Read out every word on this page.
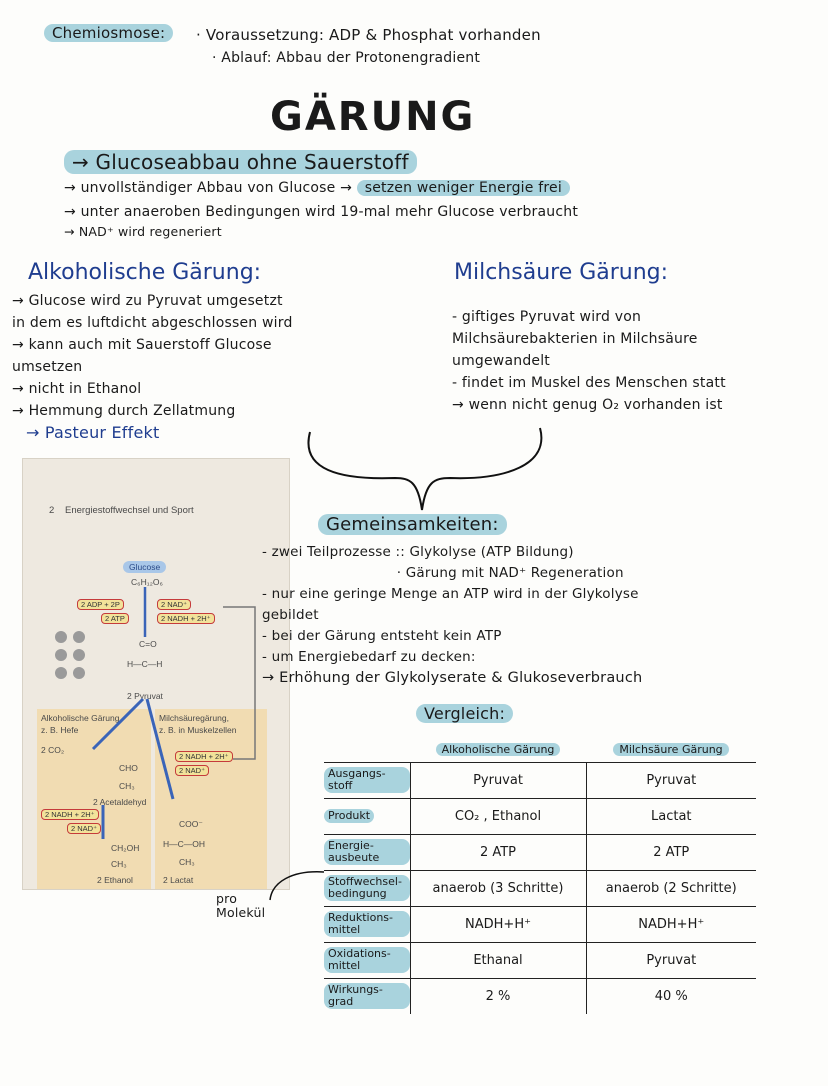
Chemiosmose:	· Voraussetzung: ADP & Phosphat vorhanden
· Ablauf: Abbau der Protonengradient
GÄRUNG
→ Glucoseabbau ohne Sauerstoff
→ unvollständiger Abbau von Glucose → setzen weniger Energie frei
→ unter anaeroben Bedingungen wird 19-mal mehr Glucose verbraucht
→ NAD⁺ wird regeneriert
Alkoholische Gärung:
→ Glucose wird zu Pyruvat umgesetzt
in dem es luftdicht abgeschlossen wird
→ kann auch mit Sauerstoff Glucose
umsetzen
→ nicht in Ethanol
→ Hemmung durch Zellatmung
→ Pasteur Effekt
Milchsäure Gärung:
- giftiges Pyruvat wird von
Milchsäurebakterien in Milchsäure
umgewandelt
- findet im Muskel des Menschen statt
→ wenn nicht genug O₂ vorhanden ist
2 Energiestoffwechsel und Sport
Glucose
C₆H₁₂O₆
2 ADP + 2P
2 ATP
2 NAD⁺
2 NADH + 2H⁺
C=O
H—C—H
2 Pyruvat
Alkoholische Gärung,
z. B. Hefe
Milchsäuregärung,
z. B. in Muskelzellen
2 CO₂
CHO
CH₃
2 Acetaldehyd
2 NADH + 2H⁺
2 NAD⁺
2 NADH + 2H⁺
2 NAD⁺
CH₂OH
CH₃
2 Ethanol
COO⁻
H—C—OH
CH₃
2 Lactat
pro Molekül
Gemeinsamkeiten:
- zwei Teilprozesse :: Glykolyse (ATP Bildung)
· Gärung mit NAD⁺ Regeneration
- nur eine geringe Menge an ATP wird in der Glykolyse
gebildet
- bei der Gärung entsteht kein ATP
- um Energiebedarf zu decken:
→ Erhöhung der Glykolyserate & Glukoseverbrauch
Vergleich:
	Alkoholische Gärung	Milchsäure Gärung
Ausgangs-stoff	Pyruvat	Pyruvat
Produkt	CO₂ , Ethanol	Lactat
Energie-ausbeute	2 ATP	2 ATP
Stoffwechsel-bedingung	anaerob (3 Schritte)	anaerob (2 Schritte)
Reduktions-mittel	NADH+H⁺	NADH+H⁺
Oxidations-mittel	Ethanal	Pyruvat
Wirkungs-grad	2 %	40 %
